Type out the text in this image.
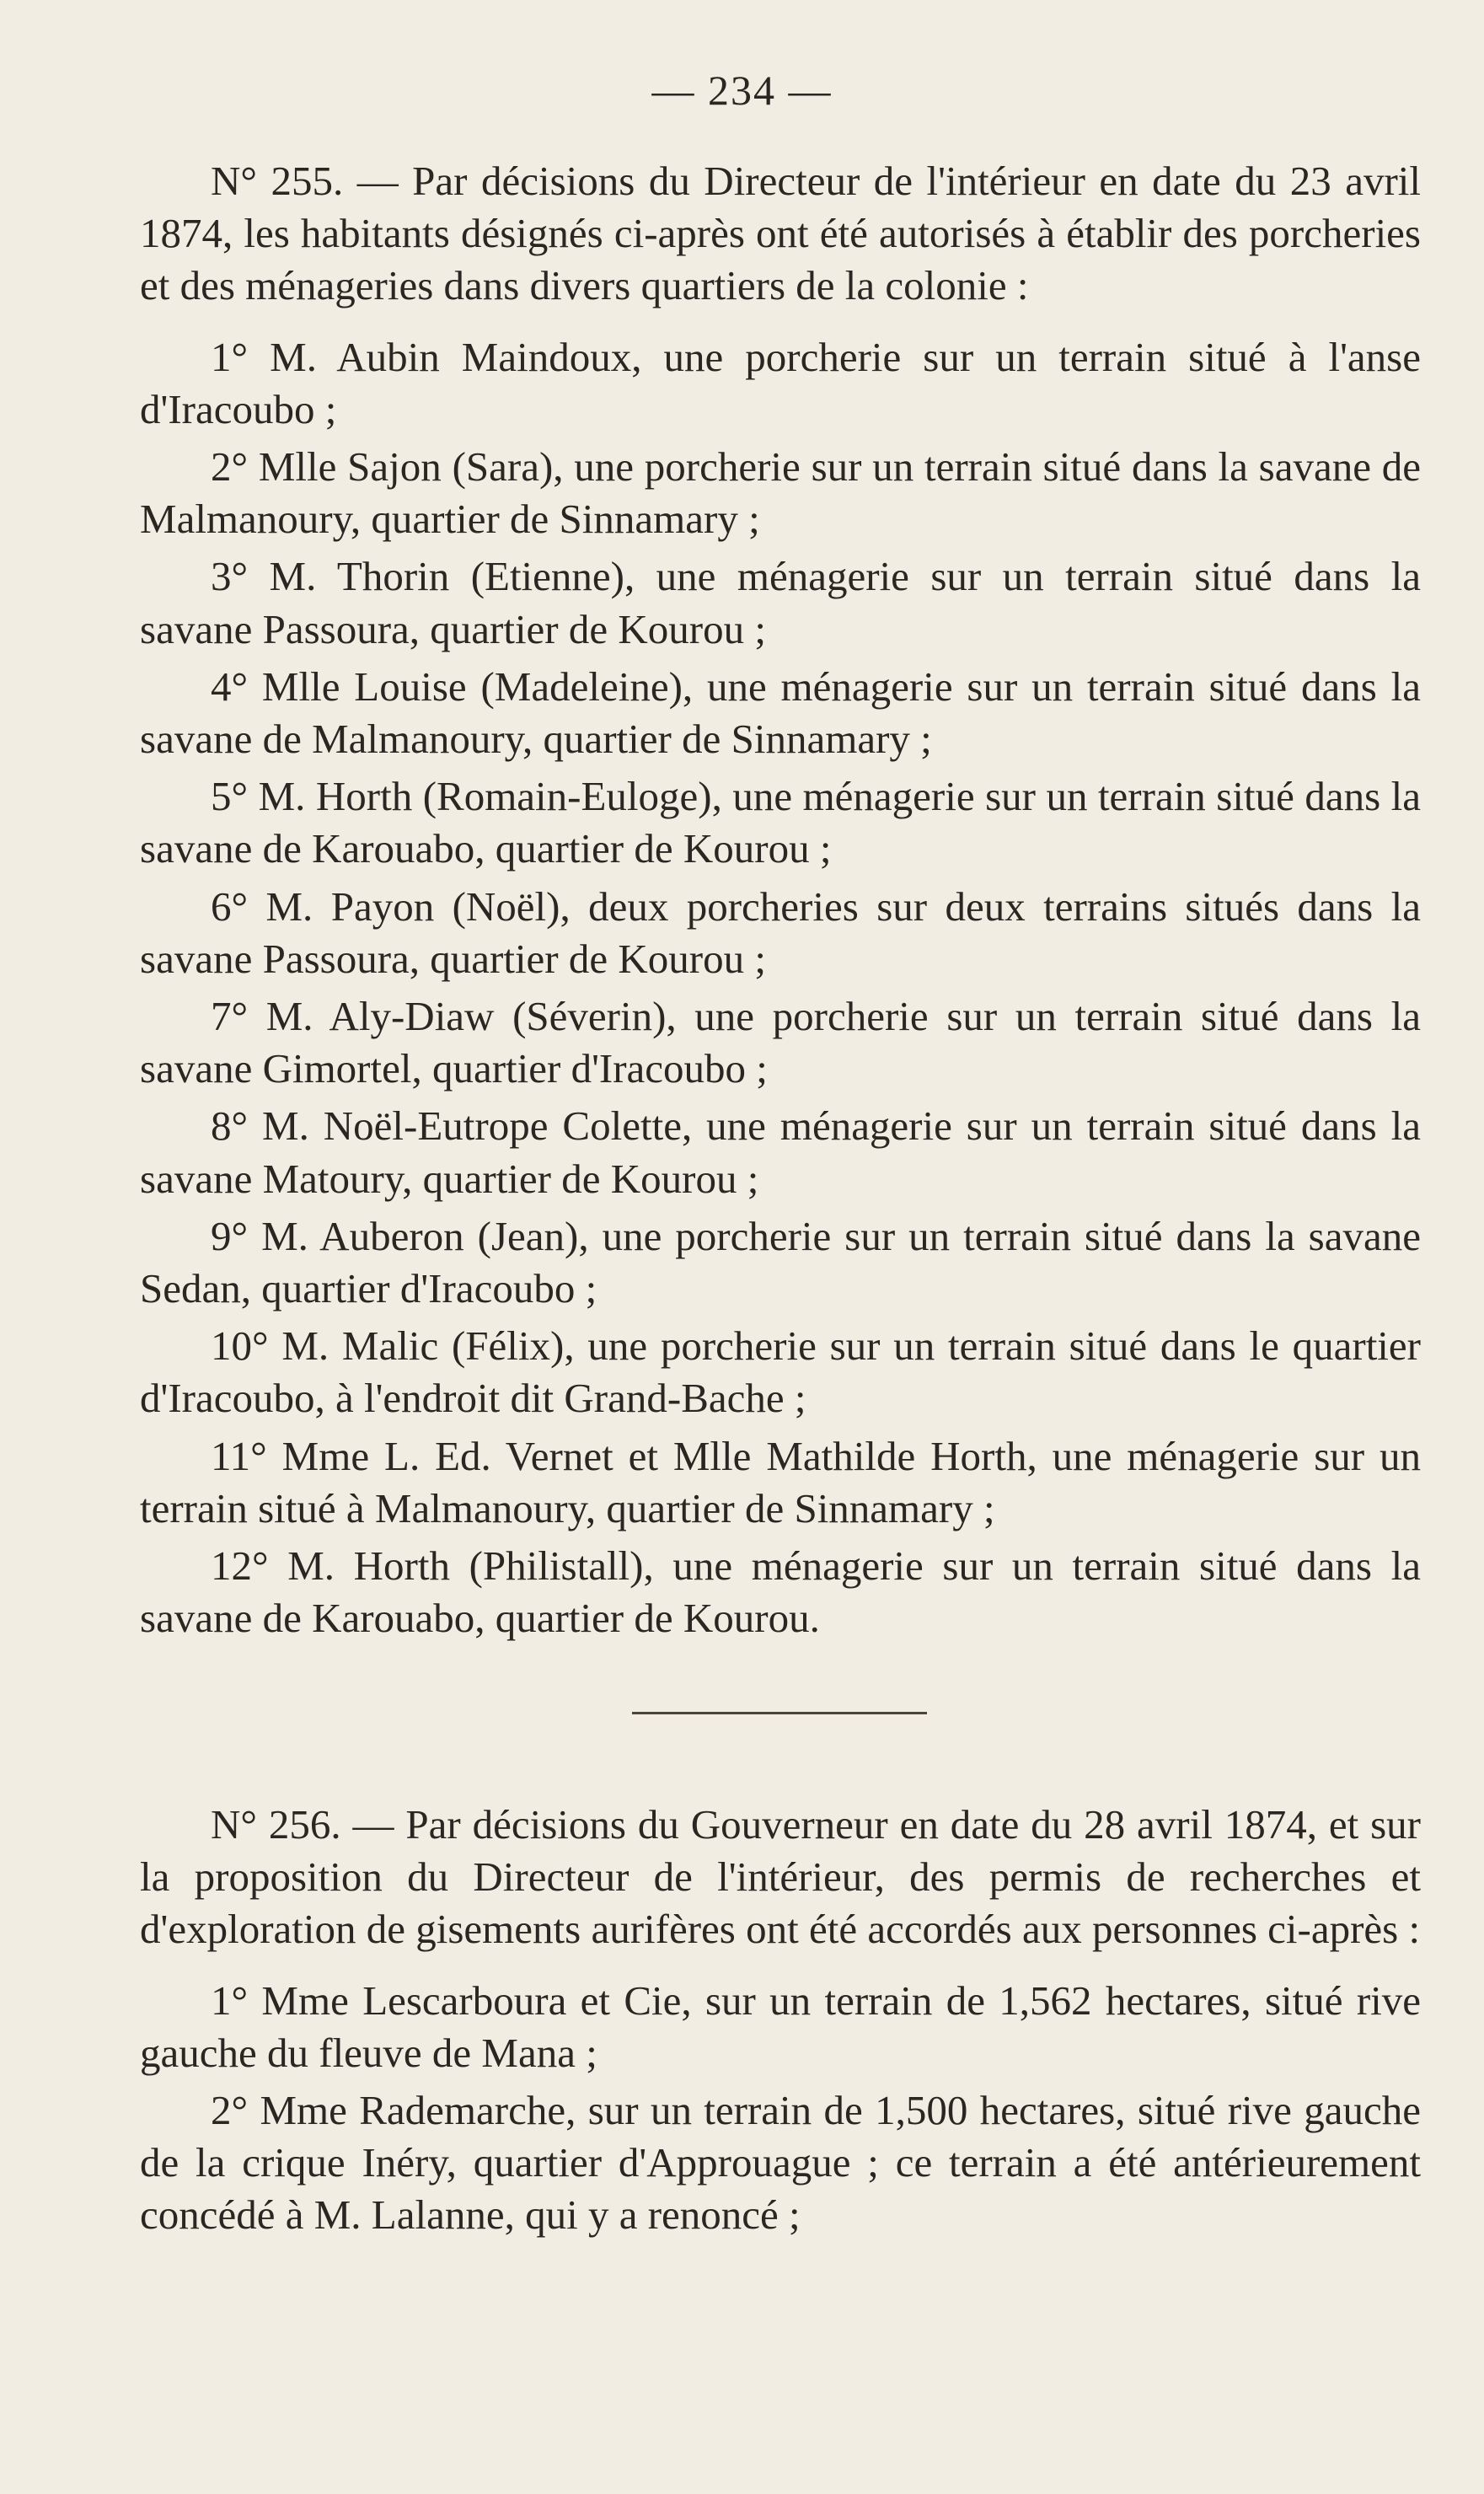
— 234 —

N° 255. — Par décisions du Directeur de l'intérieur en date du 23 avril 1874, les habitants désignés ci-après ont été autorisés à établir des porcheries et des ménageries dans divers quartiers de la colonie :

1° M. Aubin Maindoux, une porcherie sur un terrain situé à l'anse d'Iracoubo ;

2° Mlle Sajon (Sara), une porcherie sur un terrain situé dans la savane de Malmanoury, quartier de Sinnamary ;

3° M. Thorin (Etienne), une ménagerie sur un terrain situé dans la savane Passoura, quartier de Kourou ;

4° Mlle Louise (Madeleine), une ménagerie sur un terrain situé dans la savane de Malmanoury, quartier de Sinnamary ;

5° M. Horth (Romain-Euloge), une ménagerie sur un terrain situé dans la savane de Karouabo, quartier de Kourou ;

6° M. Payon (Noël), deux porcheries sur deux terrains situés dans la savane Passoura, quartier de Kourou ;

7° M. Aly-Diaw (Séverin), une porcherie sur un terrain situé dans la savane Gimortel, quartier d'Iracoubo ;

8° M. Noël-Eutrope Colette, une ménagerie sur un terrain situé dans la savane Matoury, quartier de Kourou ;

9° M. Auberon (Jean), une porcherie sur un terrain situé dans la savane Sedan, quartier d'Iracoubo ;

10° M. Malic (Félix), une porcherie sur un terrain situé dans le quartier d'Iracoubo, à l'endroit dit Grand-Bache ;

11° Mme L. Ed. Vernet et Mlle Mathilde Horth, une ménagerie sur un terrain situé à Malmanoury, quartier de Sinnamary ;

12° M. Horth (Philistall), une ménagerie sur un terrain situé dans la savane de Karouabo, quartier de Kourou.

N° 256. — Par décisions du Gouverneur en date du 28 avril 1874, et sur la proposition du Directeur de l'intérieur, des permis de recherches et d'exploration de gisements aurifères ont été accordés aux personnes ci-après :

1° Mme Lescarboura et Cie, sur un terrain de 1,562 hectares, situé rive gauche du fleuve de Mana ;

2° Mme Rademarche, sur un terrain de 1,500 hectares, situé rive gauche de la crique Inéry, quartier d'Approuague ; ce terrain a été antérieurement concédé à M. Lalanne, qui y a renoncé ;
